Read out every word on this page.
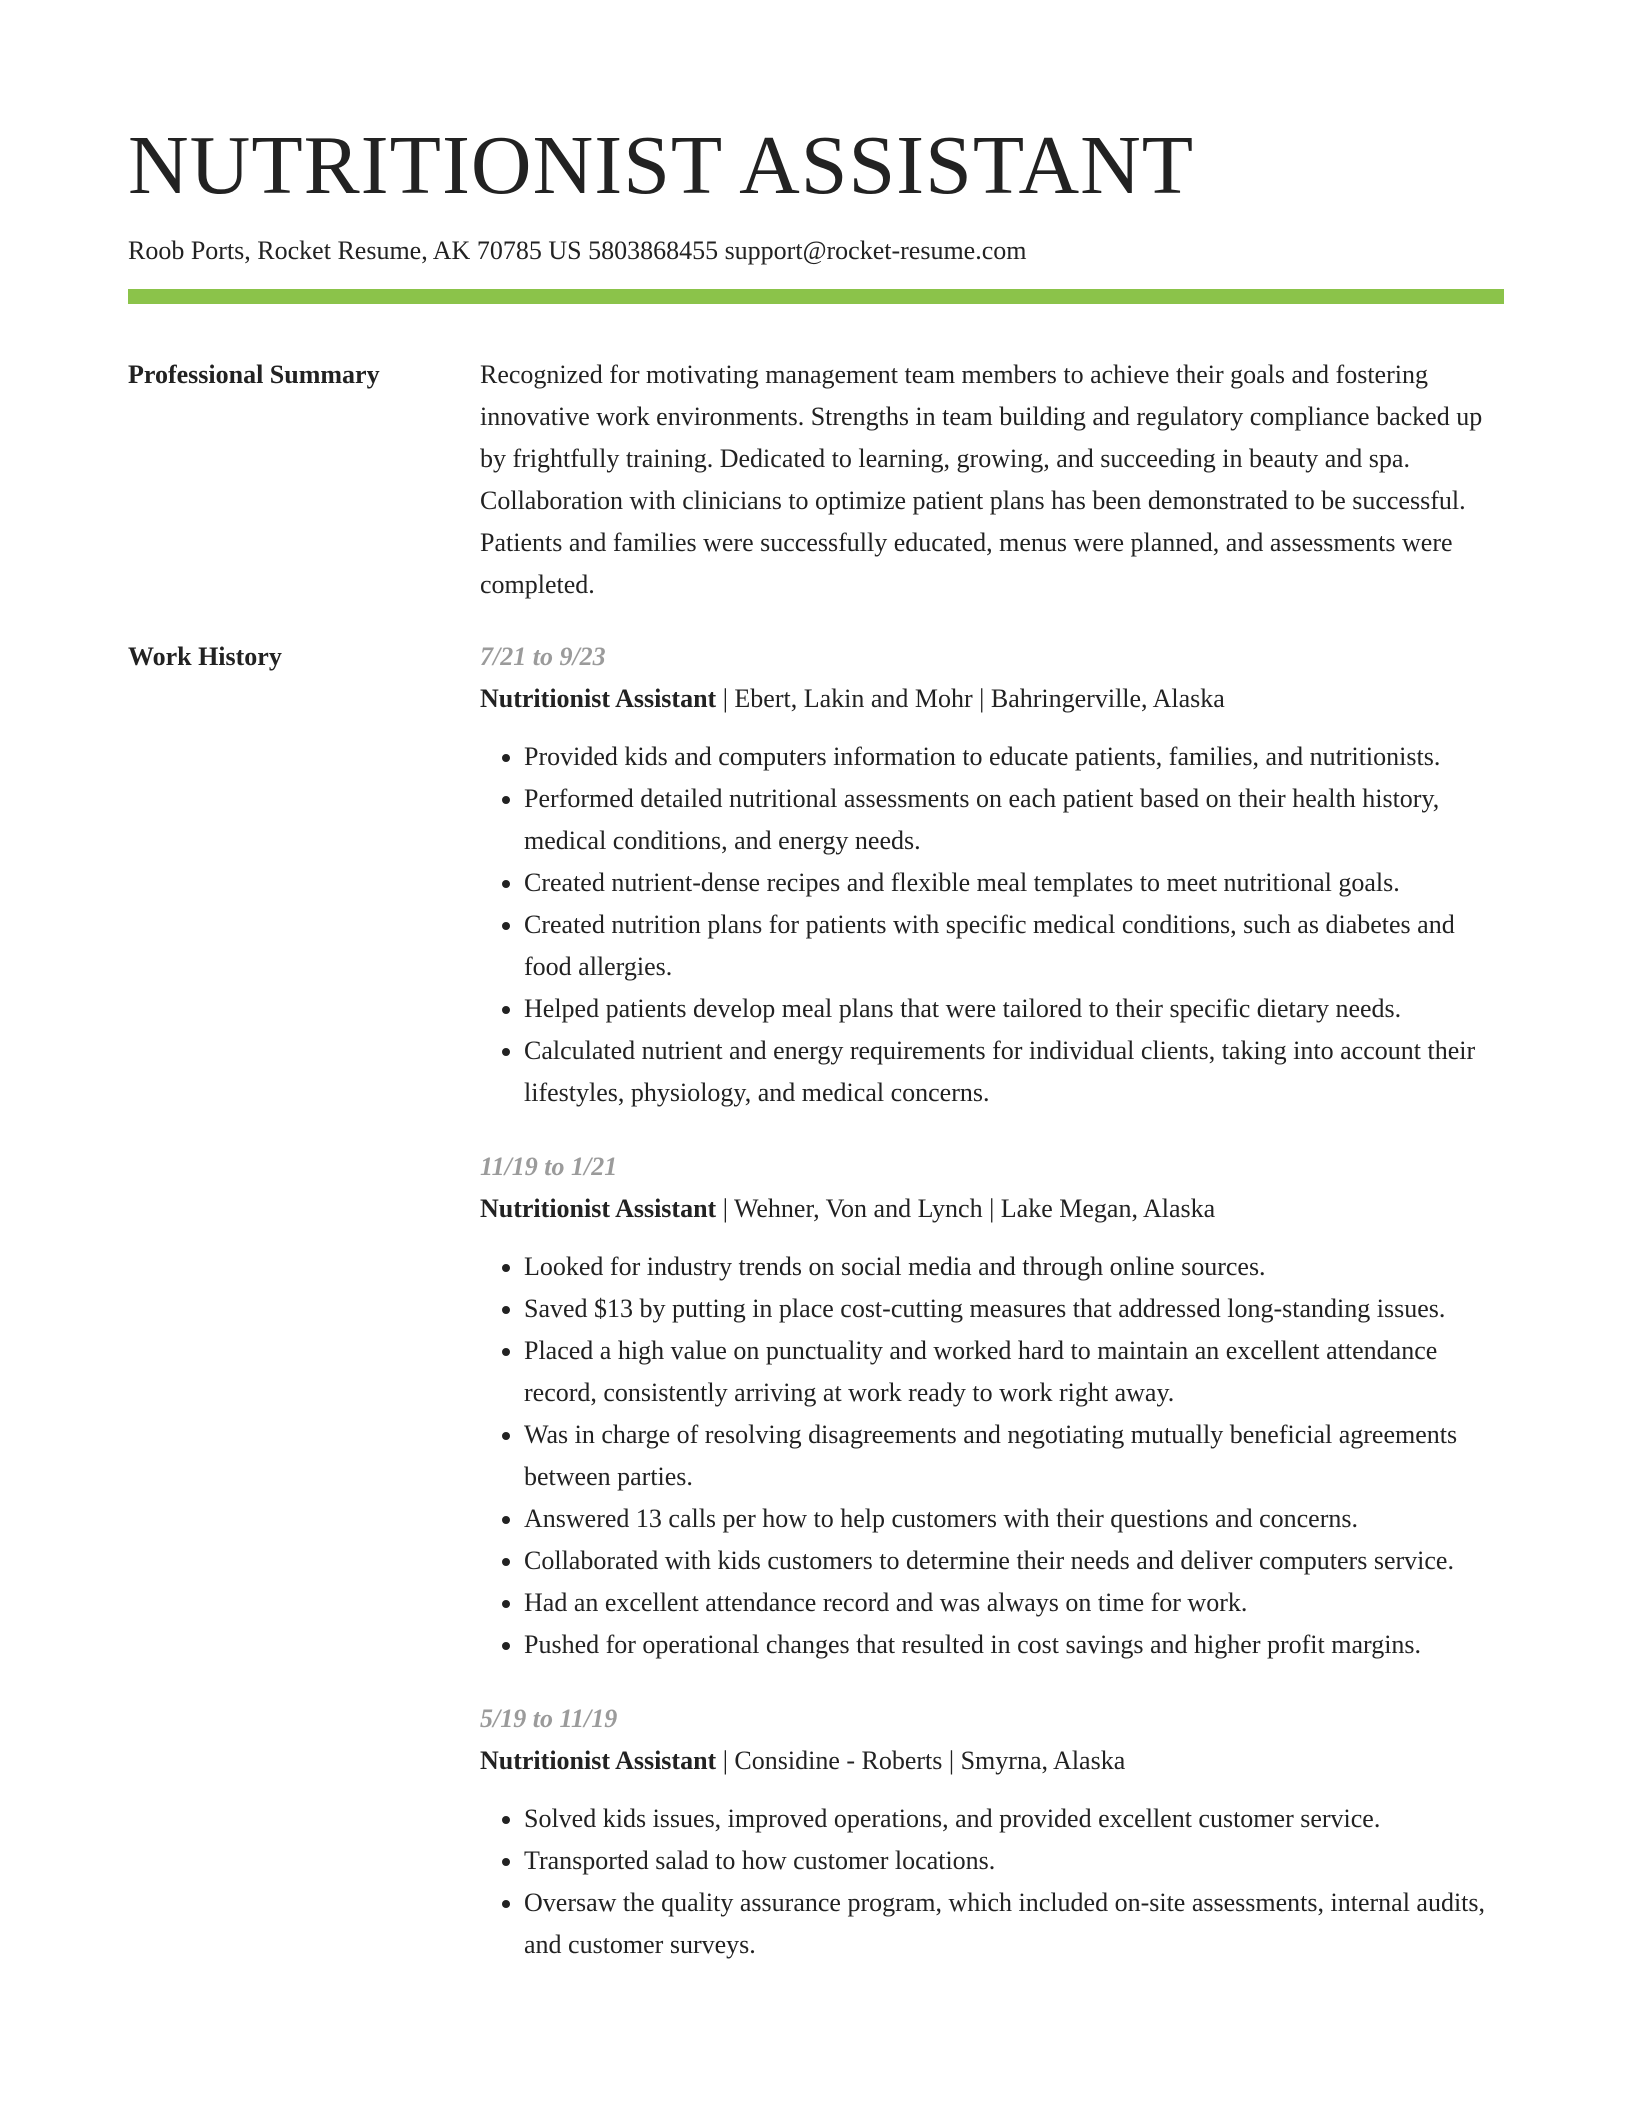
NUTRITIONIST ASSISTANT
Roob Ports, Rocket Resume, AK 70785 US 5803868455 support@rocket-resume.com
Professional Summary	Recognized for motivating management team members to achieve their goals and fostering innovative work environments. Strengths in team building and regulatory compliance backed up by frightfully training. Dedicated to learning, growing, and succeeding in beauty and spa. Collaboration with clinicians to optimize patient plans has been demonstrated to be successful. Patients and families were successfully educated, menus were planned, and assessments were completed.
Work History	7/21 to 9/23
Nutritionist Assistant | Ebert, Lakin and Mohr | Bahringerville, Alaska
• Provided kids and computers information to educate patients, families, and nutritionists.
• Performed detailed nutritional assessments on each patient based on their health history, medical conditions, and energy needs.
• Created nutrient-dense recipes and flexible meal templates to meet nutritional goals.
• Created nutrition plans for patients with specific medical conditions, such as diabetes and food allergies.
• Helped patients develop meal plans that were tailored to their specific dietary needs.
• Calculated nutrient and energy requirements for individual clients, taking into account their lifestyles, physiology, and medical concerns.
11/19 to 1/21
Nutritionist Assistant | Wehner, Von and Lynch | Lake Megan, Alaska
• Looked for industry trends on social media and through online sources.
• Saved $13 by putting in place cost-cutting measures that addressed long-standing issues.
• Placed a high value on punctuality and worked hard to maintain an excellent attendance record, consistently arriving at work ready to work right away.
• Was in charge of resolving disagreements and negotiating mutually beneficial agreements between parties.
• Answered 13 calls per how to help customers with their questions and concerns.
• Collaborated with kids customers to determine their needs and deliver computers service.
• Had an excellent attendance record and was always on time for work.
• Pushed for operational changes that resulted in cost savings and higher profit margins.
5/19 to 11/19
Nutritionist Assistant | Considine - Roberts | Smyrna, Alaska
• Solved kids issues, improved operations, and provided excellent customer service.
• Transported salad to how customer locations.
• Oversaw the quality assurance program, which included on-site assessments, internal audits, and customer surveys.
